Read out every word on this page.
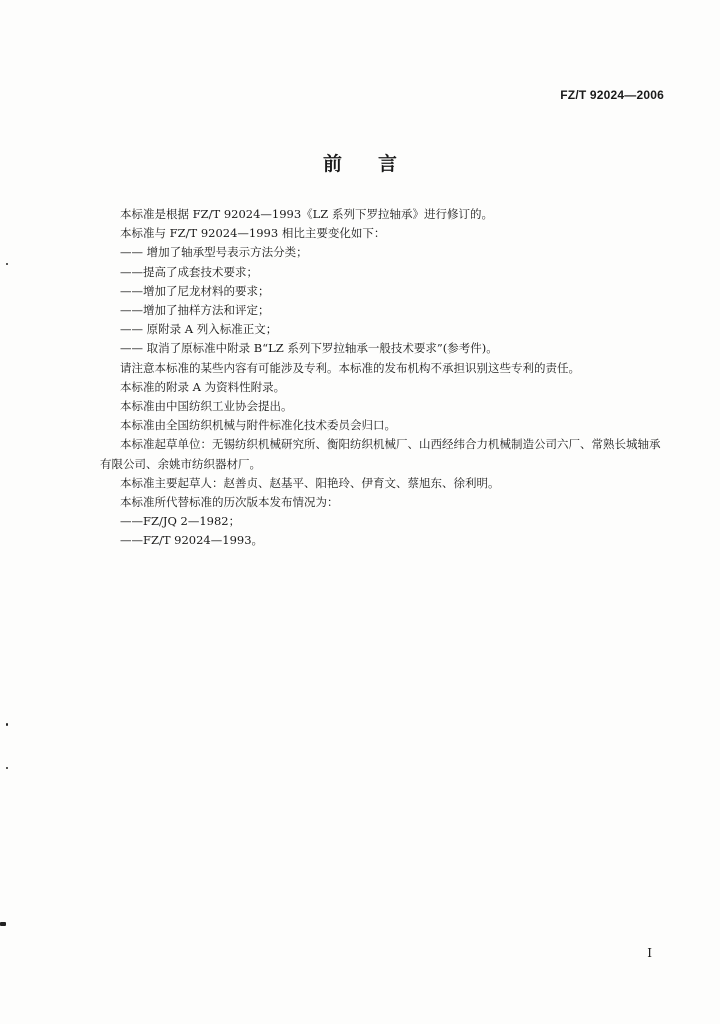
FZ/T 92024—2006
前言

本标准是根据 FZ/T 92024—1993《LZ 系列下罗拉轴承》进行修订的。

本标准与 FZ/T 92024—1993 相比主要变化如下：

—— 增加了轴承型号表示方法分类；

——提高了成套技术要求；

——增加了尼龙材料的要求；

——增加了抽样方法和评定；

—— 原附录 A 列入标准正文；

—— 取消了原标准中附录 B“LZ 系列下罗拉轴承一般技术要求”(参考件)。

请注意本标准的某些内容有可能涉及专利。本标准的发布机构不承担识别这些专利的责任。

本标准的附录 A 为资料性附录。

本标准由中国纺织工业协会提出。

本标准由全国纺织机械与附件标准化技术委员会归口。

本标准起草单位：无锡纺织机械研究所、衡阳纺织机械厂、山西经纬合力机械制造公司六厂、常熟长城轴承有限公司、余姚市纺织器材厂。

本标准主要起草人：赵善贞、赵基平、阳艳玲、伊育文、蔡旭东、徐利明。

本标准所代替标准的历次版本发布情况为：

——FZ/JQ 2—1982；

——FZ/T 92024—1993。

I
